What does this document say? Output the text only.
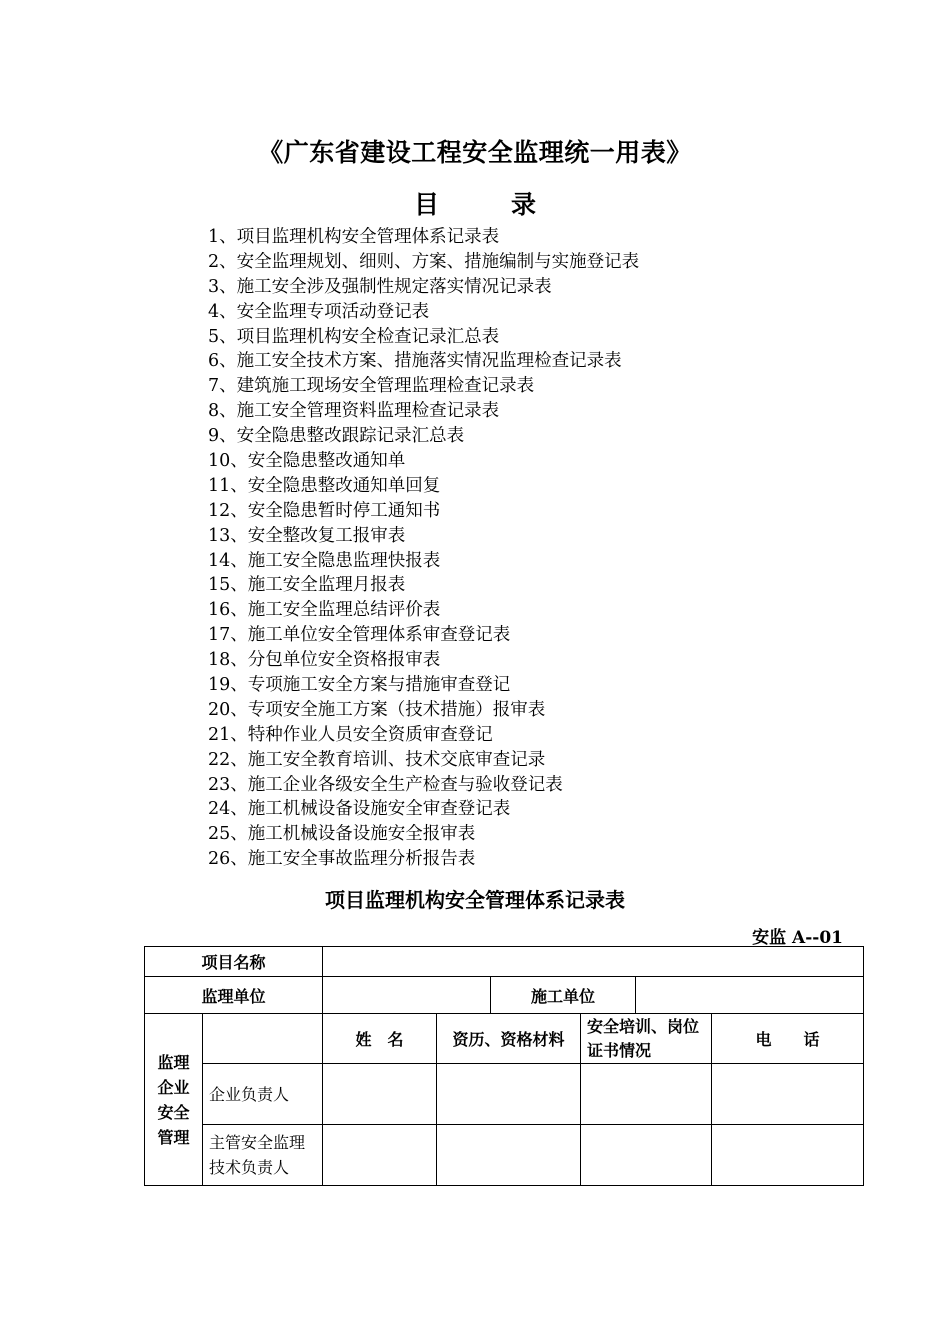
《广东省建设工程安全监理统一用表》
目	录
1、项目监理机构安全管理体系记录表
2、安全监理规划、细则、方案、措施编制与实施登记表
3、施工安全涉及强制性规定落实情况记录表
4、安全监理专项活动登记表
5、项目监理机构安全检查记录汇总表
6、施工安全技术方案、措施落实情况监理检查记录表
7、建筑施工现场安全管理监理检查记录表
8、施工安全管理资料监理检查记录表
9、安全隐患整改跟踪记录汇总表
10、安全隐患整改通知单
11、安全隐患整改通知单回复
12、安全隐患暂时停工通知书
13、安全整改复工报审表
14、施工安全隐患监理快报表
15、施工安全监理月报表
16、施工安全监理总结评价表
17、施工单位安全管理体系审查登记表
18、分包单位安全资格报审表
19、专项施工安全方案与措施审查登记
20、专项安全施工方案（技术措施）报审表
21、特种作业人员安全资质审查登记
22、施工安全教育培训、技术交底审查记录
23、施工企业各级安全生产检查与验收登记表
24、施工机械设备设施安全审查登记表
25、施工机械设备设施安全报审表
26、施工安全事故监理分析报告表
项目监理机构安全管理体系记录表
安监 A--01
项目名称							
监理单位				施工单位			
监理
企业
安全
管理		姓　名	资历、资格材料		安全培训、岗位证书情况		电　　话
	企业负责人						
	主管安全监理技术负责人						
